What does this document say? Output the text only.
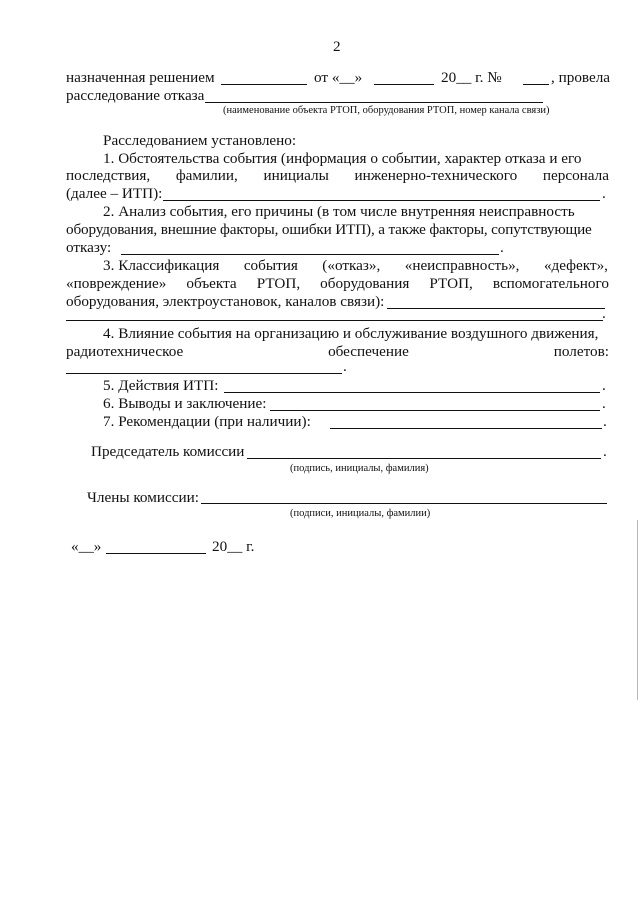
2
назначенная решением	от «__»	20__ г. №	, провела
расследование отказа
(наименование объекта РТОП, оборудования РТОП, номер канала связи)
Расследованием установлено:
1. Обстоятельства события (информация о событии, характер отказа и его
последствия, фамилии, инициалы инженерно-технического персонала
(далее – ИТП):	.
2. Анализ события, его причины (в том числе внутренняя неисправность
оборудования, внешние факторы, ошибки ИТП), а также факторы, сопутствующие
отказу:	.
3. Классификация события («отказ», «неисправность», «дефект»,
«повреждение» объекта РТОП, оборудования РТОП, вспомогательного
оборудования, электроустановок, каналов связи):
.
4. Влияние события на организацию и обслуживание воздушного движения,
радиотехническое	обеспечение	полетов:
.
5. Действия ИТП:	.
6. Выводы и заключение:	.
7. Рекомендации (при наличии):	.
Председатель комиссии	.
(подпись, инициалы, фамилия)
Члены комиссии:
(подписи, инициалы, фамилии)
«__»	20__ г.
